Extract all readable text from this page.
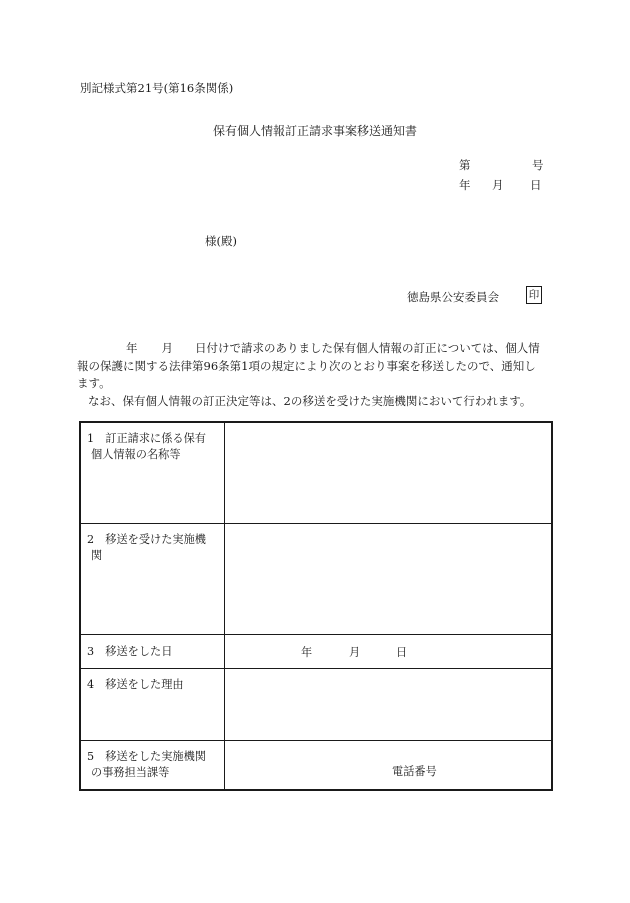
別記様式第21号(第16条関係)
保有個人情報訂正請求事案移送通知書
第	号
年 月 日
様(殿)
徳島県公安委員会	印
年 月 日付けで請求のありました保有個人情報の訂正については、個人情
報の保護に関する法律第96条第1項の規定により次のとおり事案を移送したので、通知し
ます。
なお、保有個人情報の訂正決定等は、2の移送を受けた実施機関において行われます。
1　訂正請求に係る保有
個人情報の名称等	

2　移送を受けた実施機
関	

3　移送をした日	年 月 日

4　移送をした理由	

5　移送をした実施機関
の事務担当課等	電話番号
